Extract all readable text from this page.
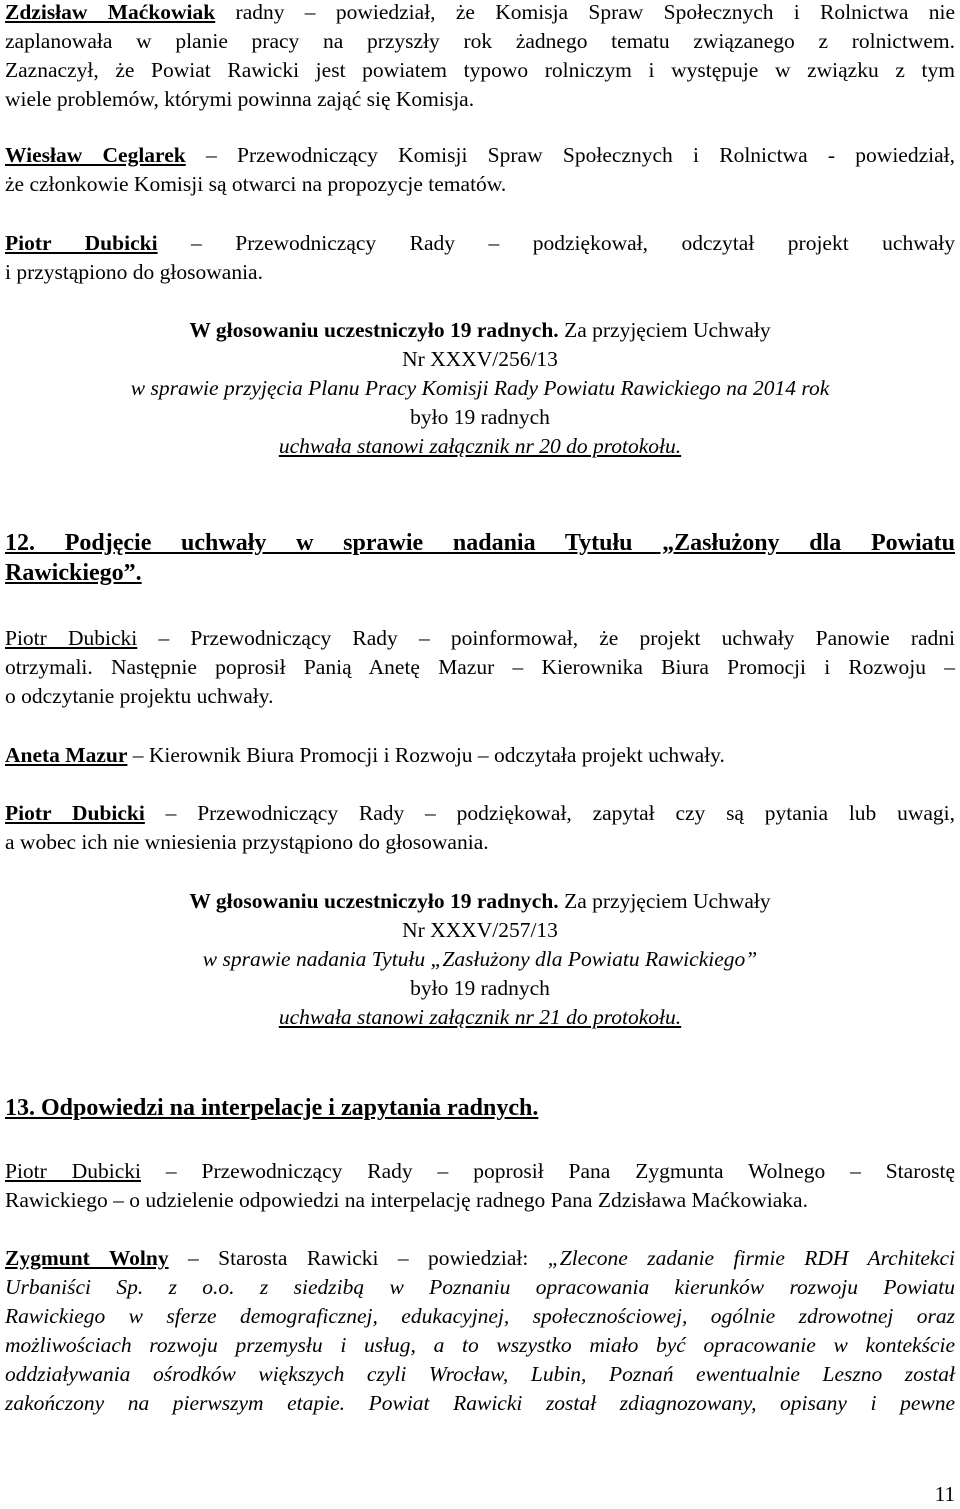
Zdzisław Maćkowiak radny – powiedział, że Komisja Spraw Społecznych i Rolnictwa nie
zaplanowała w planie pracy na przyszły rok żadnego tematu związanego z rolnictwem.
Zaznaczył, że Powiat Rawicki jest powiatem typowo rolniczym i występuje w związku z tym
wiele problemów, którymi powinna zająć się Komisja.
Wiesław Ceglarek – Przewodniczący Komisji Spraw Społecznych i Rolnictwa - powiedział,
że członkowie Komisji są otwarci na propozycje tematów.
Piotr Dubicki – Przewodniczący Rady – podziękował, odczytał projekt uchwały
i przystąpiono do głosowania.
W głosowaniu uczestniczyło 19 radnych. Za przyjęciem Uchwały
Nr XXXV/256/13
w sprawie przyjęcia Planu Pracy Komisji Rady Powiatu Rawickiego na 2014 rok
było 19 radnych
uchwała stanowi załącznik nr 20 do protokołu.
12. Podjęcie uchwały w sprawie nadania Tytułu „Zasłużony dla Powiatu
Rawickiego”.
Piotr Dubicki – Przewodniczący Rady – poinformował, że projekt uchwały Panowie radni
otrzymali. Następnie poprosił Panią Anetę Mazur – Kierownika Biura Promocji i Rozwoju –
o odczytanie projektu uchwały.
Aneta Mazur – Kierownik Biura Promocji i Rozwoju – odczytała projekt uchwały.
Piotr Dubicki – Przewodniczący Rady – podziękował, zapytał czy są pytania lub uwagi,
a wobec ich nie wniesienia przystąpiono do głosowania.
W głosowaniu uczestniczyło 19 radnych. Za przyjęciem Uchwały
Nr XXXV/257/13
w sprawie nadania Tytułu „Zasłużony dla Powiatu Rawickiego”
było 19 radnych
uchwała stanowi załącznik nr 21 do protokołu.
13. Odpowiedzi na interpelacje i zapytania radnych.
Piotr Dubicki – Przewodniczący Rady – poprosił Pana Zygmunta Wolnego – Starostę
Rawickiego – o udzielenie odpowiedzi na interpelację radnego Pana Zdzisława Maćkowiaka.
Zygmunt Wolny – Starosta Rawicki – powiedział: „Zlecone zadanie firmie RDH Architekci
Urbaniści Sp. z o.o. z siedzibą w Poznaniu opracowania kierunków rozwoju Powiatu
Rawickiego w sferze demograficznej, edukacyjnej, społecznościowej, ogólnie zdrowotnej oraz
możliwościach rozwoju przemysłu i usług, a to wszystko miało być opracowanie w kontekście
oddziaływania ośrodków większych czyli Wrocław, Lubin, Poznań ewentualnie Leszno został
zakończony na pierwszym etapie. Powiat Rawicki został zdiagnozowany, opisany i pewne
11
